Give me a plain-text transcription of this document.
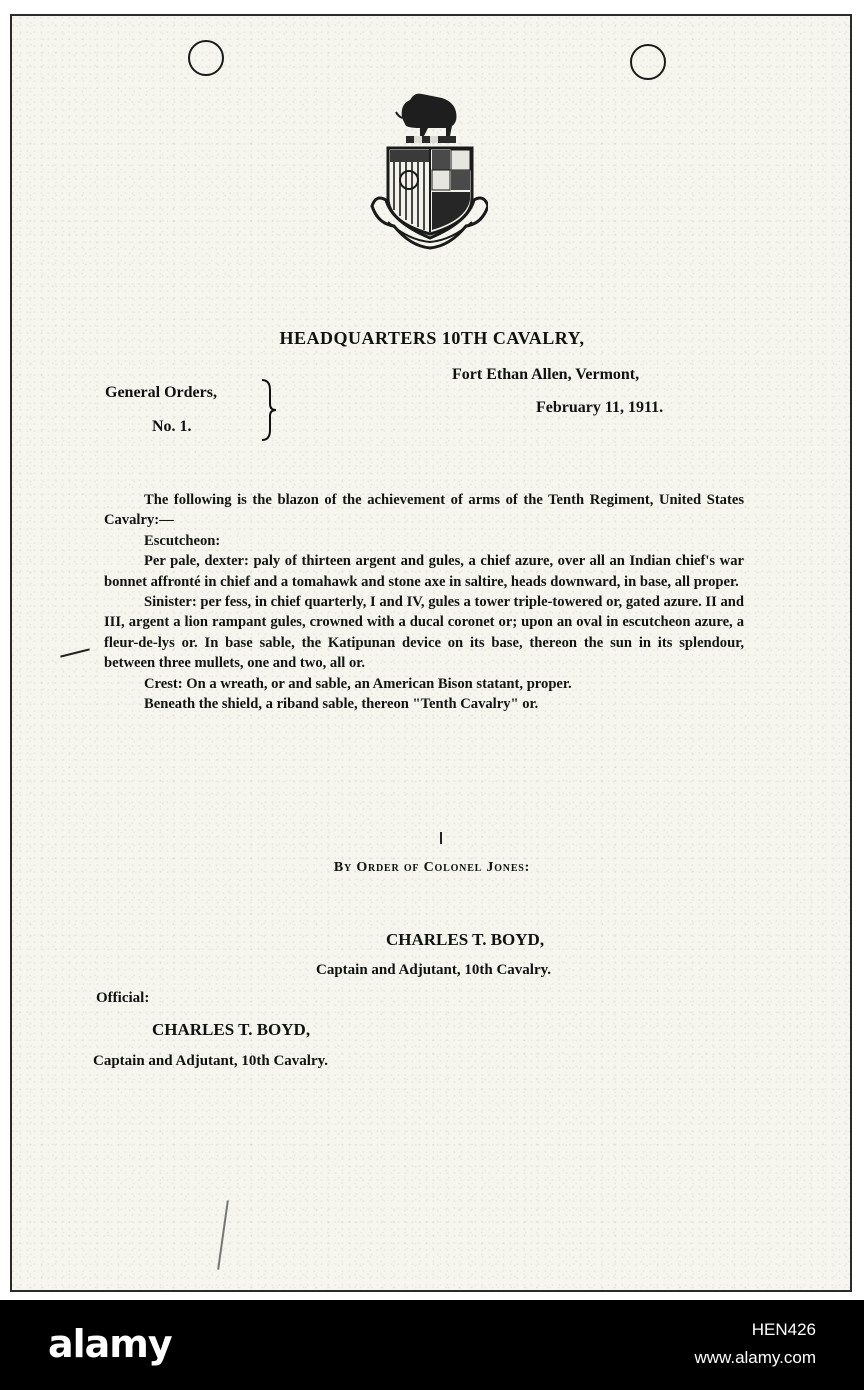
HEADQUARTERS 10TH CAVALRY,
Fort Ethan Allen, Vermont,
February 11, 1911.
General Orders,
No. 1.

The following is the blazon of the achievement of arms of the Tenth Regiment, United States Cavalry:—

Escutcheon:

Per pale, dexter: paly of thirteen argent and gules, a chief azure, over all an Indian chief's war bonnet affronté in chief and a tomahawk and stone axe in saltire, heads downward, in base, all proper.

Sinister: per fess, in chief quarterly, I and IV, gules a tower triple-towered or, gated azure. II and III, argent a lion rampant gules, crowned with a ducal coronet or; upon an oval in escutcheon azure, a fleur-de-lys or. In base sable, the Katipunan device on its base, thereon the sun in its splendour, between three mullets, one and two, all or.

Crest: On a wreath, or and sable, an American Bison statant, proper.

Beneath the shield, a riband sable, thereon "Tenth Cavalry" or.

By Order of Colonel Jones:
CHARLES T. BOYD,
Captain and Adjutant, 10th Cavalry.
Official:
CHARLES T. BOYD,
Captain and Adjutant, 10th Cavalry.
alamy	HEN426
www.alamy.com
